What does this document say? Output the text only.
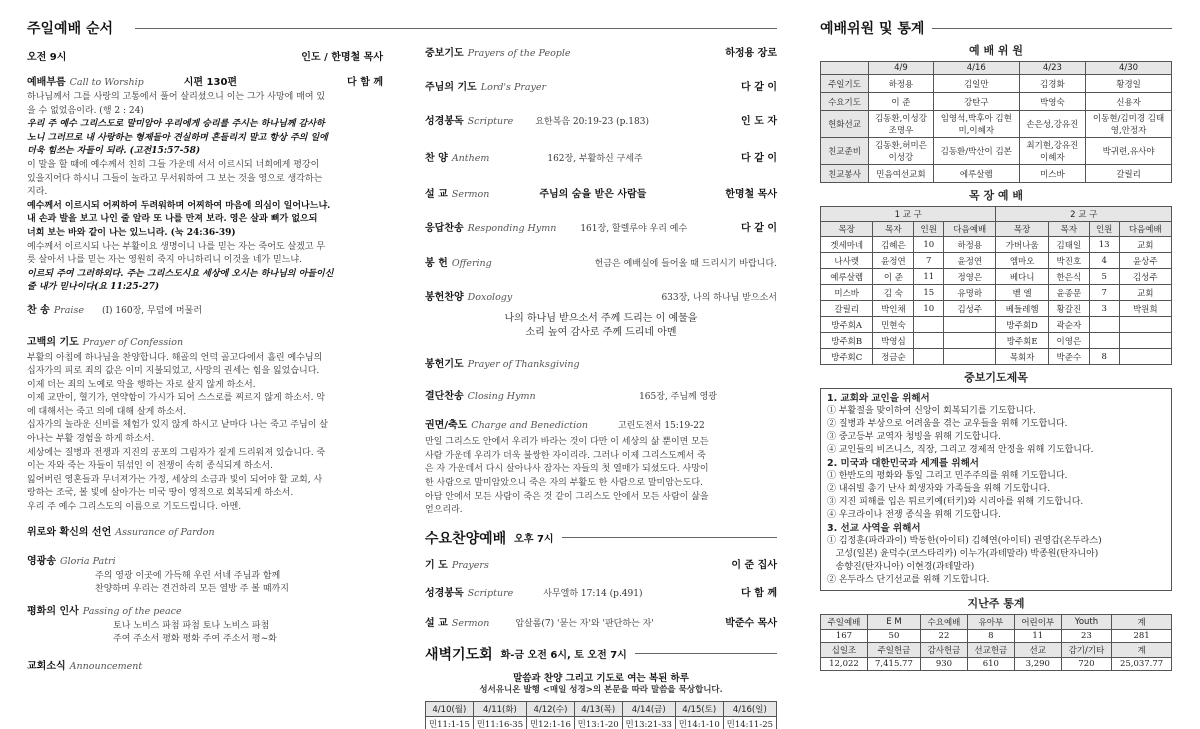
주일예배 순서
오전 9시	인도 / 한명철 목사
예배부름 Call to Worship	시편 130편	다 함 께
하나님께서 그를 사랑의 고통에서 풀어 살리셨으니 이는 그가 사망에 매여 있
을 수 없었음이라. (행 2 : 24)
우리 주 예수 그리스도로 말미암아 우리에게 승리를 주시는 하나님께 감사하
노니 그러므로 내 사랑하는 형제들아 견실하며 흔들리지 말고 항상 주의 일에
더욱 힘쓰는 자들이 되라. (고전15:57-58)
이 말을 할 때에 예수께서 친히 그들 가운데 서서 이르시되 너희에게 평강이
있을지어다 하시니 그들이 놀라고 무서워하여 그 보는 것을 영으로 생각하는
지라.
예수께서 이르시되 어찌하여 두려워하며 어찌하여 마음에 의심이 일어나느냐.
내 손과 발을 보고 나인 줄 알라 또 나를 만져 보라. 영은 살과 뼈가 없으되
너희 보는 바와 같이 나는 있느니라. (눅 24:36-39)
예수께서 이르시되 나는 부활이요 생명이니 나를 믿는 자는 죽어도 살겠고 무
릇 살아서 나를 믿는 자는 영원히 죽지 아니하리니 이것을 네가 믿느냐.
이르되 주여 그러하외다. 주는 그리스도시요 세상에 오시는 하나님의 아들이신
줄 내가 믿나이다(요 11:25-27)
찬 송 Praise (Ⅰ) 160장, 무덤에 머물러
고백의 기도 Prayer of Confession
부활의 아침에 하나님을 찬양합니다. 해골의 언덕 골고다에서 흘린 예수님의
십자가의 피로 죄의 값은 이미 지불되었고, 사망의 권세는 힘을 잃었습니다.
이제 더는 죄의 노예로 악을 행하는 자로 살지 않게 하소서.
이제 교만이, 혈기가, 연약함이 가시가 되어 스스로를 찌르지 않게 하소서. 악
에 대해서는 죽고 의에 대해 살게 하소서.
십자가의 놀라운 신비를 체험가 있지 않게 하시고 낱마다 나는 죽고 주님이 살
아나는 부활 경험을 하게 하소서.
세상에는 질병과 전쟁과 지진의 공포의 그림자가 짙게 드리워져 있습니다. 죽
이는 자와 죽는 자들이 뒤섞인 이 전쟁이 속히 종식되게 하소서.
잃어버린 영혼들과 무너져가는 가정, 세상의 소금과 빛이 되어야 할 교회, 사
랑하는 조국, 볼 빛에 살아가는 미국 땅이 영적으로 회복되게 하소서.
우리 주 예수 그리스도의 이름으로 기도드립니다. 아멘.
위로와 확신의 선언 Assurance of Pardon
영광송 Gloria Patri
주의 영광 이곳에 가득해 우린 서네 주님과 함께
찬양하며 우리는 견건하리 모든 열방 주 볼 때까지
평화의 인사 Passing of the peace
토나 노비스 파첨 파첨 토나 노비스 파첨
주여 주소서 평화 평화 주여 주소서 평~화
교회소식 Announcement
중보기도 Prayers of the People	하정용 장로
주님의 기도 Lord's Prayer	다 같 이
성경봉독 Scripture 요한복음 20:19-23 (p.183)	인 도 자
찬 양 Anthem	162장, 부활하신 구세주	다 같 이
설 교 Sermon	주님의 숨을 받은 사람들	한명철 목사
응답찬송 Responding Hymn	161장, 할렐루야 우리 예수	다 같 이
봉 헌 Offering	헌금은 예배실에 들어올 때 드리시기 바랍니다.
봉헌찬양 Doxology	633장, 나의 하나님 받으소서
나의 하나님 받으소서 주께 드리는 이 예물을
소리 높여 감사로 주께 드리네 아멘
봉헌기도 Prayer of Thanksgiving
결단찬송 Closing Hymn	165장, 주님께 영광
권면/축도 Charge and Benediction	고린도전서 15:19-22
만일 그리스도 안에서 우리가 바라는 것이 다만 이 세상의 삶 뿐이면 모든
사람 가운데 우리가 더욱 불쌍한 자이리라. 그러나 이제 그리스도께서 죽
은 자 가운데서 다시 살아나사 잠자는 자들의 첫 열매가 되셨도다. 사망이
한 사람으로 말미암았으니 죽은 자의 부활도 한 사람으로 말미암는도다.
아담 안에서 모든 사람이 죽은 것 같이 그리스도 안에서 모든 사람이 삶을
얻으리라.
수요찬양예배 오후 7시
기 도 Prayers	이 준 집사
성경봉독 Scripture	사무엘하 17:14 (p.491)	다 함 께
설 교 Sermon	압살롬(7) '묻는 자'와 '판단하는 자'	박준수 목사
새벽기도회 화-금 오전 6시, 토 오전 7시
말씀과 찬양 그리고 기도로 여는 복된 하루
성서유니온 발행 <매일 성경>의 본문을 따라 말씀을 묵상합니다.
4/10(월)	4/11(화)	4/12(수)	4/13(목)	4/14(금)	4/15(토)	4/16(일)
민11:1-15	민11:16-35	민12:1-16	민13:1-20	민13:21-33	민14:1-10	민14:11-25
예배위원 및 통계
예 배 위 원
	4/9	4/16	4/23	4/30
주일기도	하정용	김일만	김경화	황경일
수요기도	이 준	강탄구	박영숙	신용자
헌화선교	김동환,이성강 조명우	임영석,박후아 김현미,이혜자	손은성,강유진	이동현/김미경 김태영,안정자
친교준비	김동환,허미은 이성강	김동환/박산이 김본	최기현,강유진 이혜자	박귀련,유사야
친교봉사	민음여선교회	에루살렘	미스바	갈릴리
목 장 예 배
1 교 구				2 교 구			
목장	목자	인원	다음예배	목장	목자	인원	다음예배
겟세마네	김혜은	10	하정용	가버나움	김태일	13	교회
나사렛	윤정연	7	윤정연	엠마오	박진호	4	윤상주
예루살렘	이 준	11	정영은	베다니	한은식	5	김성주
미스바	김 숙	15	유명하	벧 엘	윤종문	7	교회
갈릴리	박인채	10	김성주	베들레헴	황갈진	3	박원희
방주회A	민현숙			방주회D	곽순자		
방주회B	박영심			방주회E	이영은		
방주회C	정금순			목회자	박준수	8	
중보기도제목

1. 교회와 교인을 위해서

① 부활절을 맞이하여 신앙이 회복되기를 기도합니다.

② 질병과 부상으로 어려움을 겪는 교우들을 위해 기도합니다.

③ 중고등부 교역자 청빙을 위해 기도합니다.

④ 교인들의 비즈니스, 직장, 그리고 경제적 안정을 위해 기도합니다.

2. 미국과 대한민국과 세계를 위해서

① 한반도의 평화와 통일 그리고 민주주의를 위해 기도합니다.

② 내쉬빌 총기 난사 희생자와 가족들을 위해 기도합니다.

③ 지진 피해를 입은 튀르키예(터키)와 시리아를 위해 기도합니다.

④ 우크라이나 전쟁 종식을 위해 기도합니다.

3. 선교 사역을 위해서

① 김정훈(파라과이) 박동한(아이티) 김혜연(아이티) 권영갑(온두라스)

고성(일본) 윤덕수(코스타리카) 이누가(과테말라) 박종원(탄자니아)

송향진(탄자니아) 이현경(과테말라)

② 온두라스 단기선교를 위해 기도합니다.

지난주 통계
주일예배	E M	수요예배	유아부	어린이부	Youth	계
167	50	22	8	11	23	281
십일조	주일헌금	감사헌금	선교헌금	선교	감기/기타	계
12,022	7,415.77	930	610	3,290	720	25,037.77
